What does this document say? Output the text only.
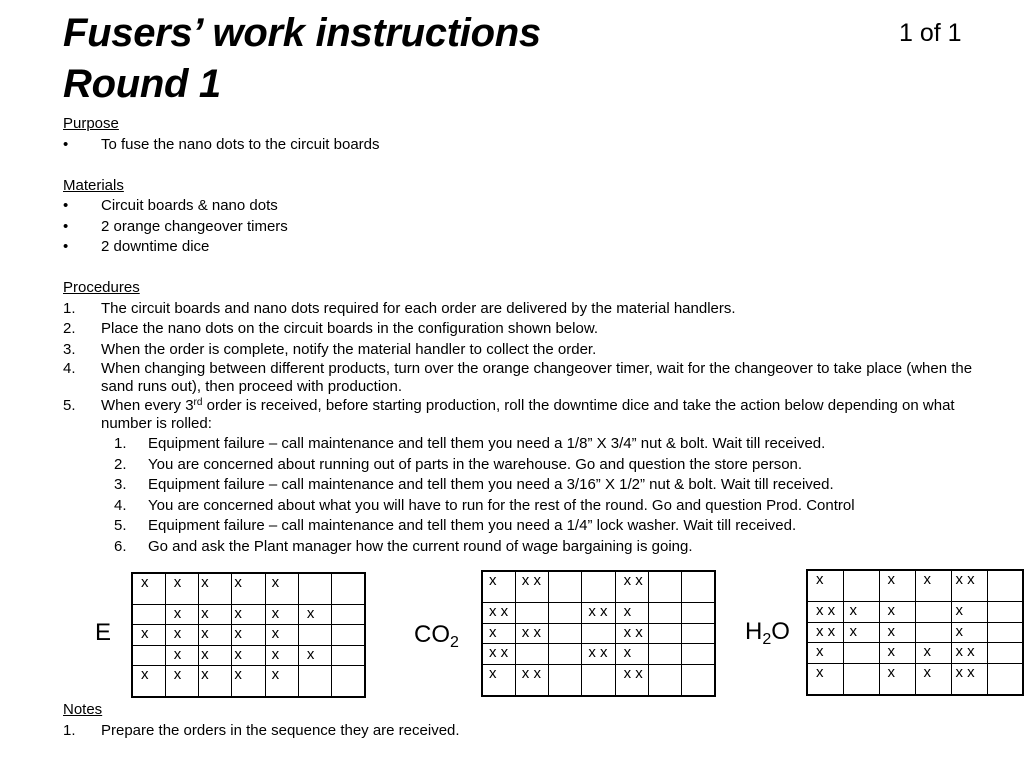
Fusers’ work instructions
Round 1
1 of 1
Purpose
• To fuse the nano dots to the circuit boards
Materials
• Circuit boards & nano dots
• 2 orange changeover timers
• 2 downtime dice
Procedures
1. The circuit boards and nano dots required for each order are delivered by the material handlers.
2. Place the nano dots on the circuit boards in the configuration shown below.
3. When the order is complete, notify the material handler to collect the order.
4. When changing between different products, turn over the orange changeover timer, wait for the changeover to take place (when the sand runs out), then proceed with production.
5. When every 3rd order is received, before starting production, roll the downtime dice and take the action below depending on what number is rolled:
1. Equipment failure – call maintenance and tell them you need a 1/8” X 3/4” nut & bolt. Wait till received.
2. You are concerned about running out of parts in the warehouse. Go and question the store person.
3. Equipment failure – call maintenance and tell them you need a 3/16” X 1/2” nut & bolt. Wait till received.
4. You are concerned about what you will have to run for the rest of the round. Go and question Prod. Control
5. Equipment failure – call maintenance and tell them you need a 1/4” lock washer. Wait till received.
6. Go and ask the Plant manager how the current round of wage bargaining is going.
E
x	x	x	x	x		

	x	x	x	x	x	

x	x	x	x	x		

	x	x	x	x	x	

x	x	x	x	x		

$CO_2$
x	x x			x x		

x x			x x	x		

x	x x			x x		

x x			x x	x		

x	x x			x x		

$H_2O$
x		x	x	x x	

x x	x	x		x	

x x	x	x		x	

x		x	x	x x	

x		x	x	x x	

Notes
1. Prepare the orders in the sequence they are received.
